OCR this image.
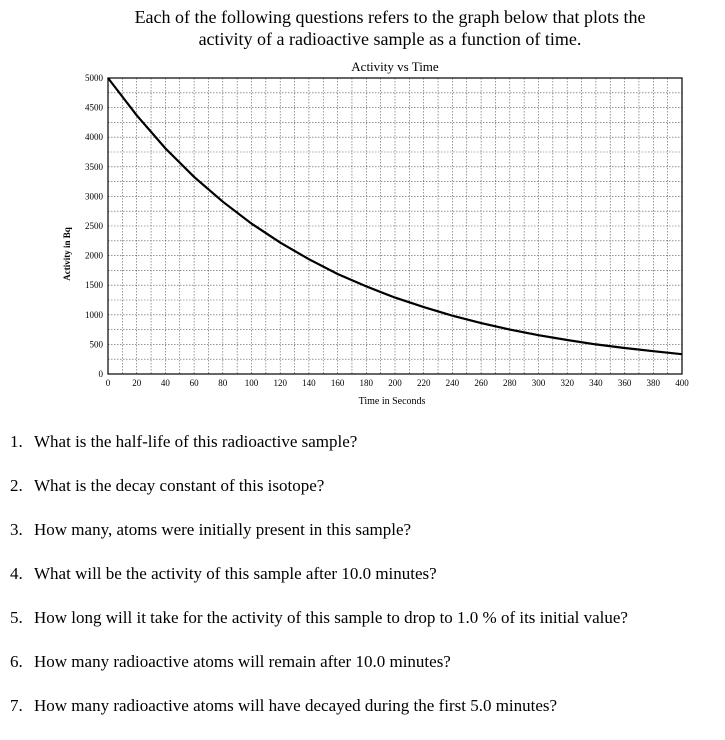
Each of the following questions refers to the graph below that plots the
activity of a radioactive sample as a function of time.
Activity vs Time
0
500
1000
1500
2000
2500
3000
3500
4000
4500
5000
0 20 40 60 80 100 120 140 160 180 200 220 240 260 280 300 320 340 360 380 400
Time in Seconds
Activity in Bq
1. What is the half-life of this radioactive sample?
2. What is the decay constant of this isotope?
3. How many, atoms were initially present in this sample?
4. What will be the activity of this sample after 10.0 minutes?
5. How long will it take for the activity of this sample to drop to 1.0 % of its initial value?
6. How many radioactive atoms will remain after 10.0 minutes?
7. How many radioactive atoms will have decayed during the first 5.0 minutes?
